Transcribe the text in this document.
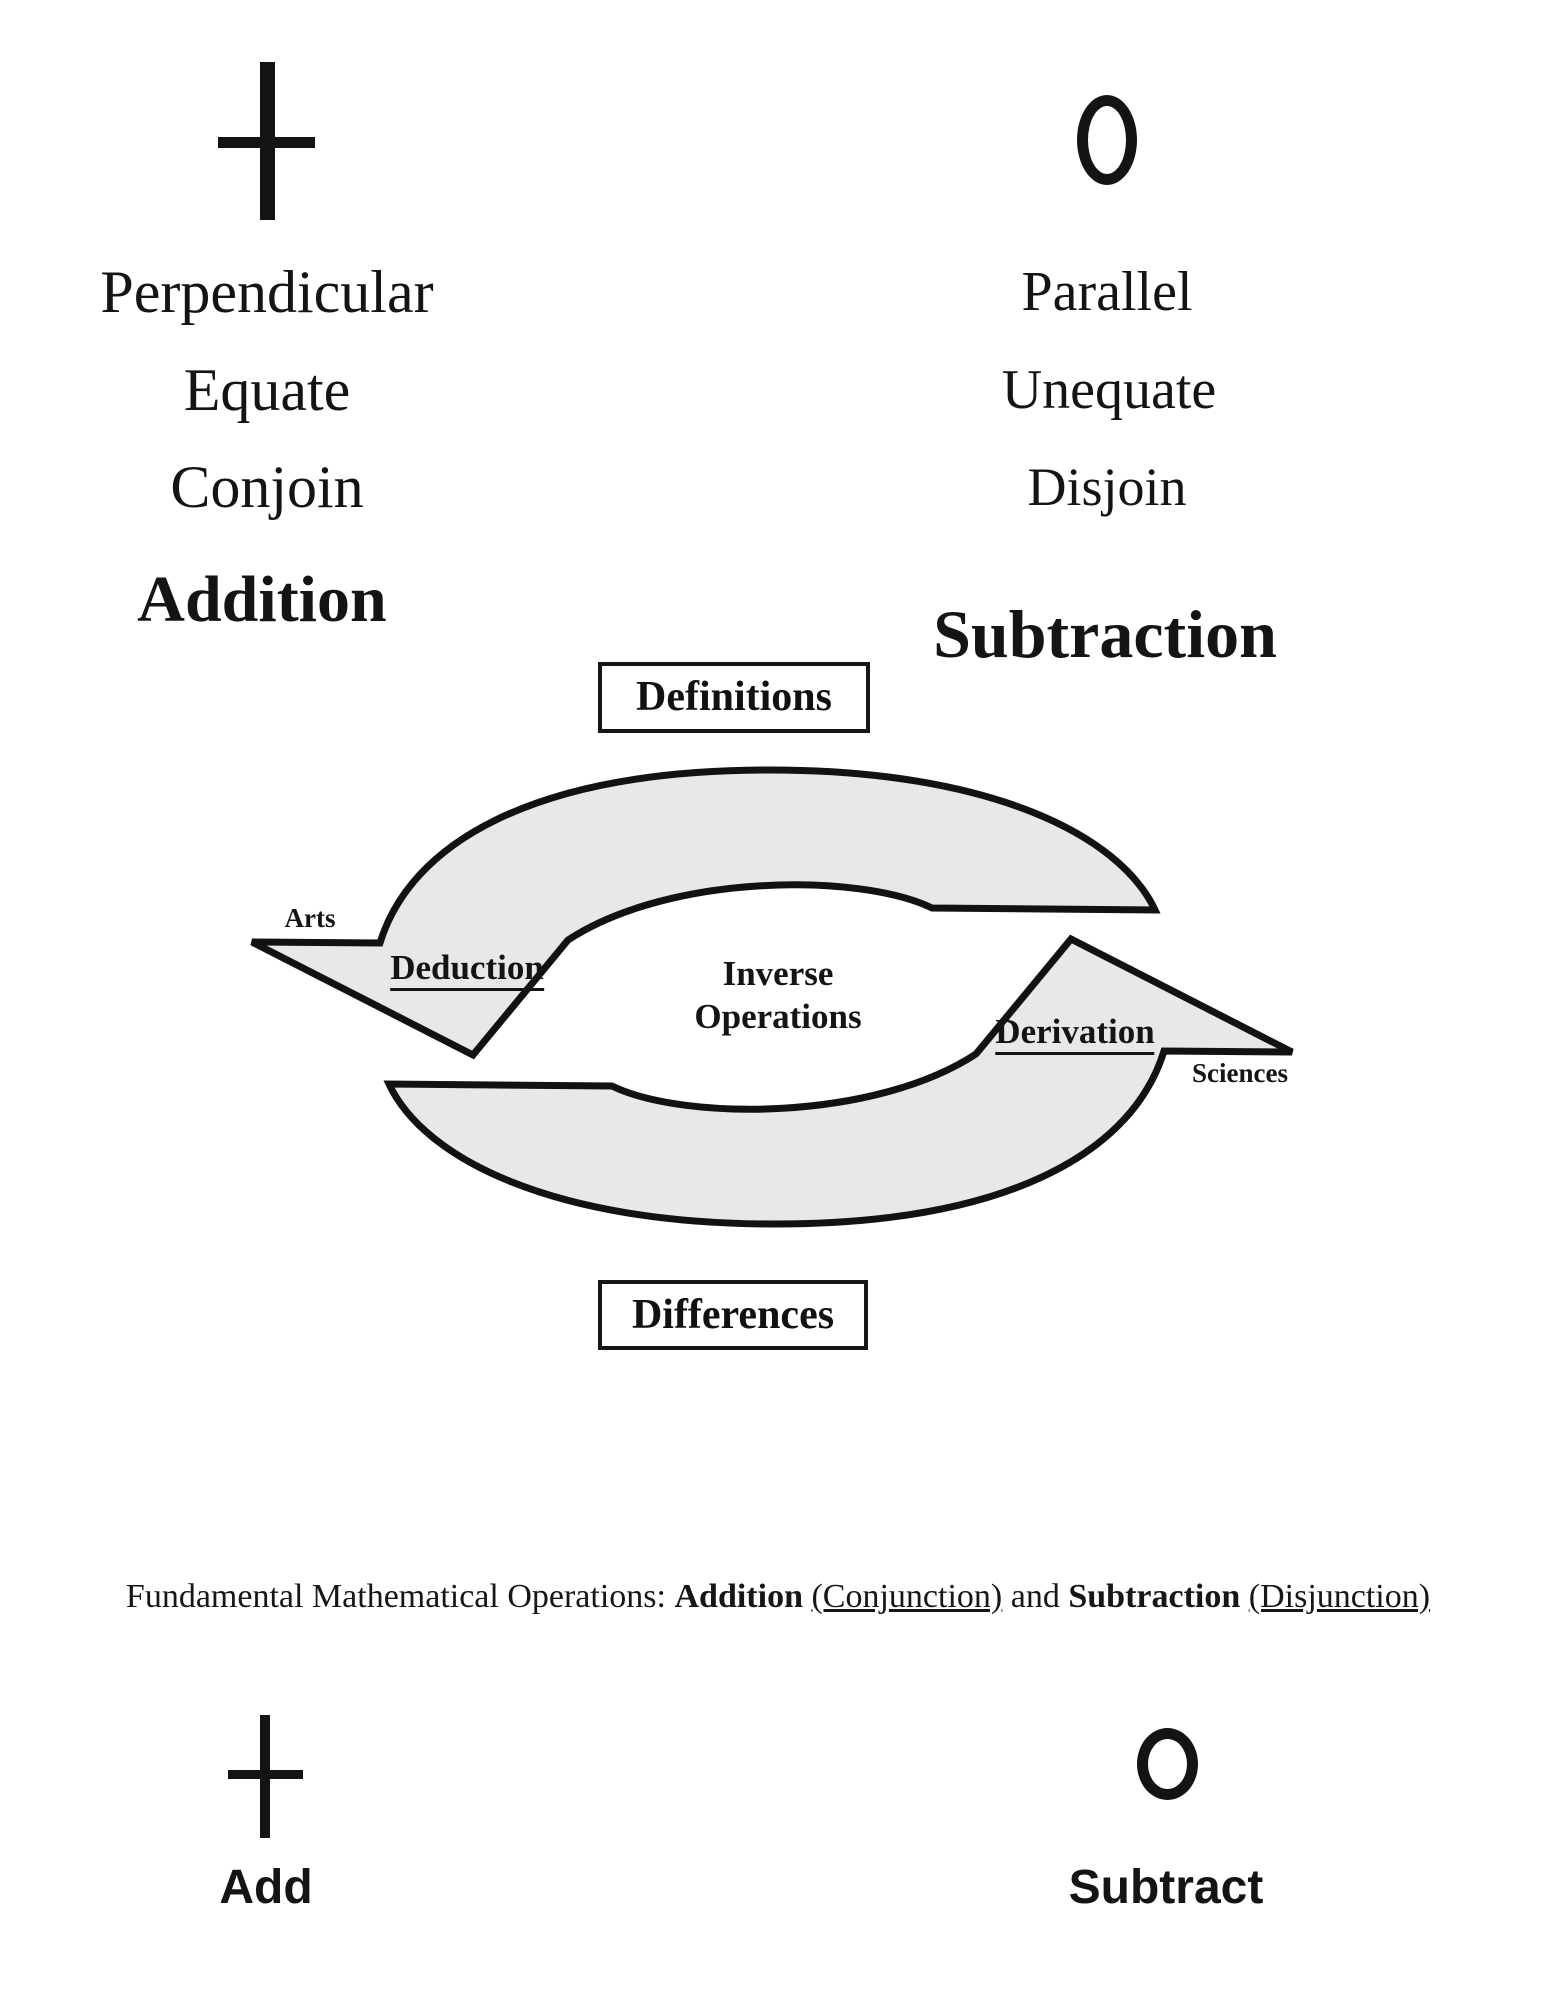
Perpendicular
Equate
Conjoin
Addition
Parallel
Unequate
Disjoin
Subtraction
Definitions
Arts
Deduction	Inverse
Operations	Derivation
Sciences
Differences
Fundamental Mathematical Operations: Addition (Conjunction) and Subtraction (Disjunction)
Add	Subtract
